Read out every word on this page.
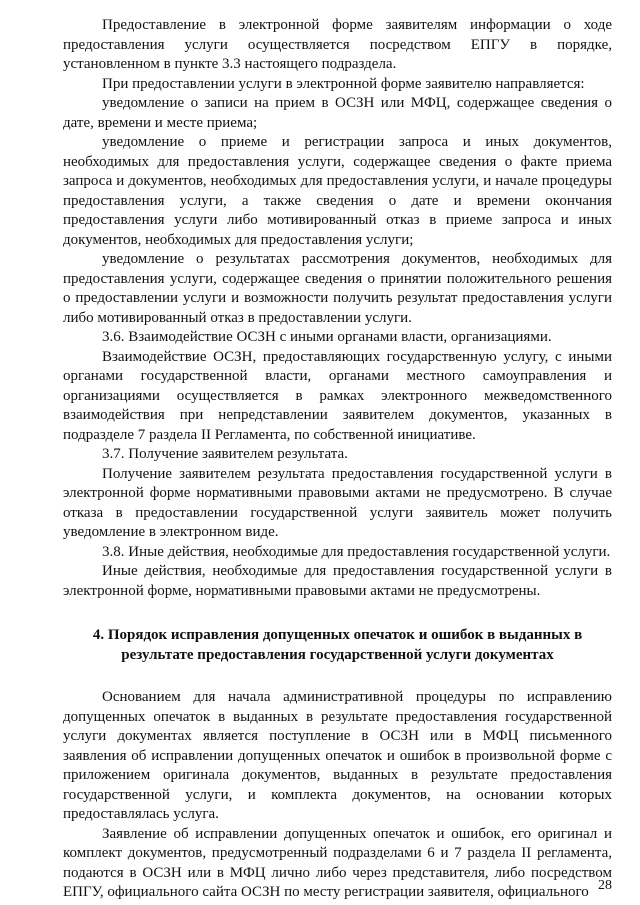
Предоставление в электронной форме заявителям информации о ходе предоставления услуги осуществляется посредством ЕПГУ в порядке, установленном в пункте 3.3 настоящего подраздела.

При предоставлении услуги в электронной форме заявителю направляется:

уведомление о записи на прием в ОСЗН или МФЦ, содержащее сведения о дате, времени и месте приема;

уведомление о приеме и регистрации запроса и иных документов, необходимых для предоставления услуги, содержащее сведения о факте приема запроса и документов, необходимых для предоставления услуги, и начале процедуры предоставления услуги, а также сведения о дате и времени окончания предоставления услуги либо мотивированный отказ в приеме запроса и иных документов, необходимых для предоставления услуги;

уведомление о результатах рассмотрения документов, необходимых для предоставления услуги, содержащее сведения о принятии положительного решения о предоставлении услуги и возможности получить результат предоставления услуги либо мотивированный отказ в предоставлении услуги.

3.6. Взаимодействие ОСЗН с иными органами власти, организациями.

Взаимодействие ОСЗН, предоставляющих государственную услугу, с иными органами государственной власти, органами местного самоуправления и организациями осуществляется в рамках электронного межведомственного взаимодействия при непредставлении заявителем документов, указанных в подразделе 7 раздела II Регламента, по собственной инициативе.

3.7. Получение заявителем результата.

Получение заявителем результата предоставления государственной услуги в электронной форме нормативными правовыми актами не предусмотрено. В случае отказа в предоставлении государственной услуги заявитель может получить уведомление в электронном виде.

3.8. Иные действия, необходимые для предоставления государственной услуги.

Иные действия, необходимые для предоставления государственной услуги в электронной форме, нормативными правовыми актами не предусмотрены.

4. Порядок исправления допущенных опечаток и ошибок в выданных в
результате предоставления государственной услуги документах

Основанием для начала административной процедуры по исправлению допущенных опечаток в выданных в результате предоставления государственной услуги документах является поступление в ОСЗН или в МФЦ письменного заявления об исправлении допущенных опечаток и ошибок в произвольной форме с приложением оригинала документов, выданных в результате предоставления государственной услуги, и комплекта документов, на основании которых предоставлялась услуга.

Заявление об исправлении допущенных опечаток и ошибок, его оригинал и комплект документов, предусмотренный подразделами 6 и 7 раздела II регламента, подаются в ОСЗН или в МФЦ лично либо через представителя, либо посредством ЕПГУ, официального сайта ОСЗН по месту регистрации заявителя, официального 28
